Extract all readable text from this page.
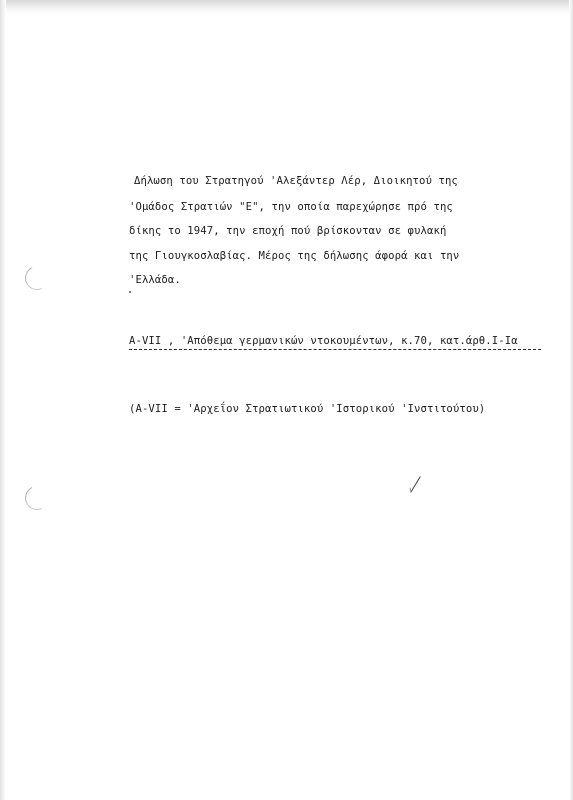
Δήλωση του Στρατηγού 'Αλεξάντερ Λέρ, Διοικητού της

'Ομάδος Στρατιών "Ε", την οποία παρεχώρησε πρό της

δίκης το 1947, την εποχή πού βρίσκονταν σε φυλακή

της Γιουγκοσλαβίας. Μέρος της δήλωσης άφορά και την

'Ελλάδα.

Α-VII , 'Απόθεμα γερμανικών ντοκουμέντων, κ.70, κατ.άρθ.Ι-Ια

(Α-VII = 'Αρχεΐον Στρατιωτικού 'Ιστορικού 'Ινστιτούτου)
